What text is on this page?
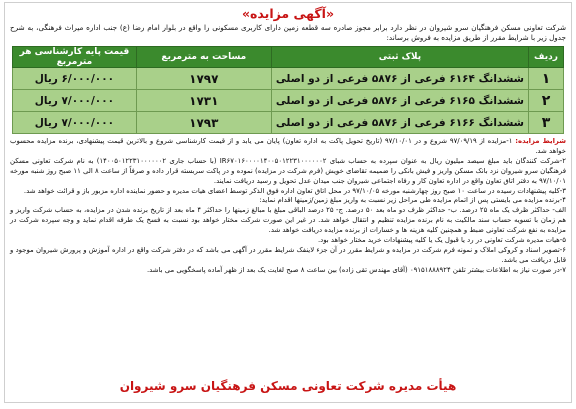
«آگهی مزایده»
شرکت تعاونی مسکن فرهنگیان سرو شیروان در نظر دارد برابر مجوز صادره سه قطعه زمین دارای کاربری مسکونی را واقع در بلوار امام رضا (ع) جنب اداره میراث فرهنگی، به شرح جدول زیر با شرایط مقرر از طریق مزایده به فروش برساند:
ردیف	پلاک ثبتی	مساحت به مترمربع	قیمت پایه کارشناسی هر مترمربع
۱	ششدانگ ۶۱۶۴ فرعی از ۵۸۷۶ فرعی از دو اصلی	۱۷۹۷	۶/۰۰۰/۰۰۰ ریال
۲	ششدانگ ۶۱۶۵ فرعی از ۵۸۷۶ فرعی از دو اصلی	۱۷۳۱	۷/۰۰۰/۰۰۰ ریال
۳	ششدانگ ۶۱۶۶ فرعی از ۵۸۷۶ فرعی از دو اصلی	۱۷۹۳	۷/۰۰۰/۰۰۰ ریال

شرایط مزایده: ۱-مزایده از ۹۷/۰۹/۱۹ شروع و در ۹۷/۱۰/۰۱ (تاریخ تحویل پاکت به اداره تعاون) پایان می یابد و از قیمت کارشناسی شروع و بالاترین قیمت پیشنهادی، برنده مزایده محسوب خواهد شد.

۲-شرکت کنندگان باید مبلغ سیصد میلیون ریال به عنوان سپرده به حساب شبای IR۶۷۰۱۶۰۰۰۰۱۴۰۰۵۰۱۲۲۳۱۰۰۰۰۰۰۲ (با حساب جاری ۱۴۰۰۵۰۱۲۲۳۱۰۰۰۰۰۰۲) به نام شرکت تعاونی مسکن فرهنگیان سرو شیروان نزد بانک مسکن واریز و فیش بانکی را ضمیمه تقاضای خویش (فرم شرکت در مزایده) نموده و در پاکت سربسته قرار داده و صرفاً از ساعت ۸ الی ۱۱ صبح روز شنبه مورخه ۹۷/۱۰/۰۱ به دفتر اتاق تعاون واقع در اداره تعاون کار و رفاه اجتماعی شیروان جنب میدان عدل تحویل و رسید دریافت نمایند.

۳-کلیه پیشنهادات رسیده در ساعت ۱۰ صبح روز چهارشنبه مورخه ۹۷/۱۰/۰۵ در محل اتاق تعاون اداره فوق الذکر توسط اعضای هیات مدیره و حضور نماینده اداره مزبور باز و قرائت خواهد شد.

۴-برنده مزایده می بایستی پس از اتمام مزایده طی مراحل زیر نسبت به واریز مبلغ زمین/زمینها اقدام نماید:

الف- حداکثر ظرف یک ماه ۲۵ درصد. ب- حداکثر ظرف دو ماه بعد ۵۰ درصد. ج- ۲۵ درصد الباقی مبلغ با مبالغ زمینها را حداکثر ۴ ماه بعد از تاریخ برنده شدن در مزایده، به حساب شرکت واریز و هم زمان با تسویه حساب سند مالکیت به نام برنده مزایده تنظیم و انتقال خواهد شد. در غیر این صورت شرکت مختار خواهد بود نسبت به فسخ یک طرفه اقدام نماید و وجه سپرده شرکت در مزایده به نفع شرکت تعاونی ضبط و همچنین کلیه هزینه ها و خسارات از برنده مزایده دریافت خواهد شد.

۵-هیات مدیره شرکت تعاونی در رد یا قبول یک یا کلیه پیشنهادات خرید مختار خواهد بود.

۶-تصویر اسناد و کروکی املاک و نمونه فرم شرکت در مزایده و شرایط مقرر در آن جزء لاینفک شرایط مقرر در آگهی می باشد که در دفتر شرکت واقع در اداره آموزش و پرورش شیروان موجود و قابل دریافت می باشد.

۷-در صورت نیاز به اطلاعات بیشتر تلفن ۰۹۱۵۱۸۸۸۹۲۴ (آقای مهندس تقی زاده) بین ساعت ۸ صبح لغایت یک بعد از ظهر آماده پاسخگویی می باشد.

هیأت مدیره شرکت تعاونی مسکن فرهنگیان سرو شیروان
